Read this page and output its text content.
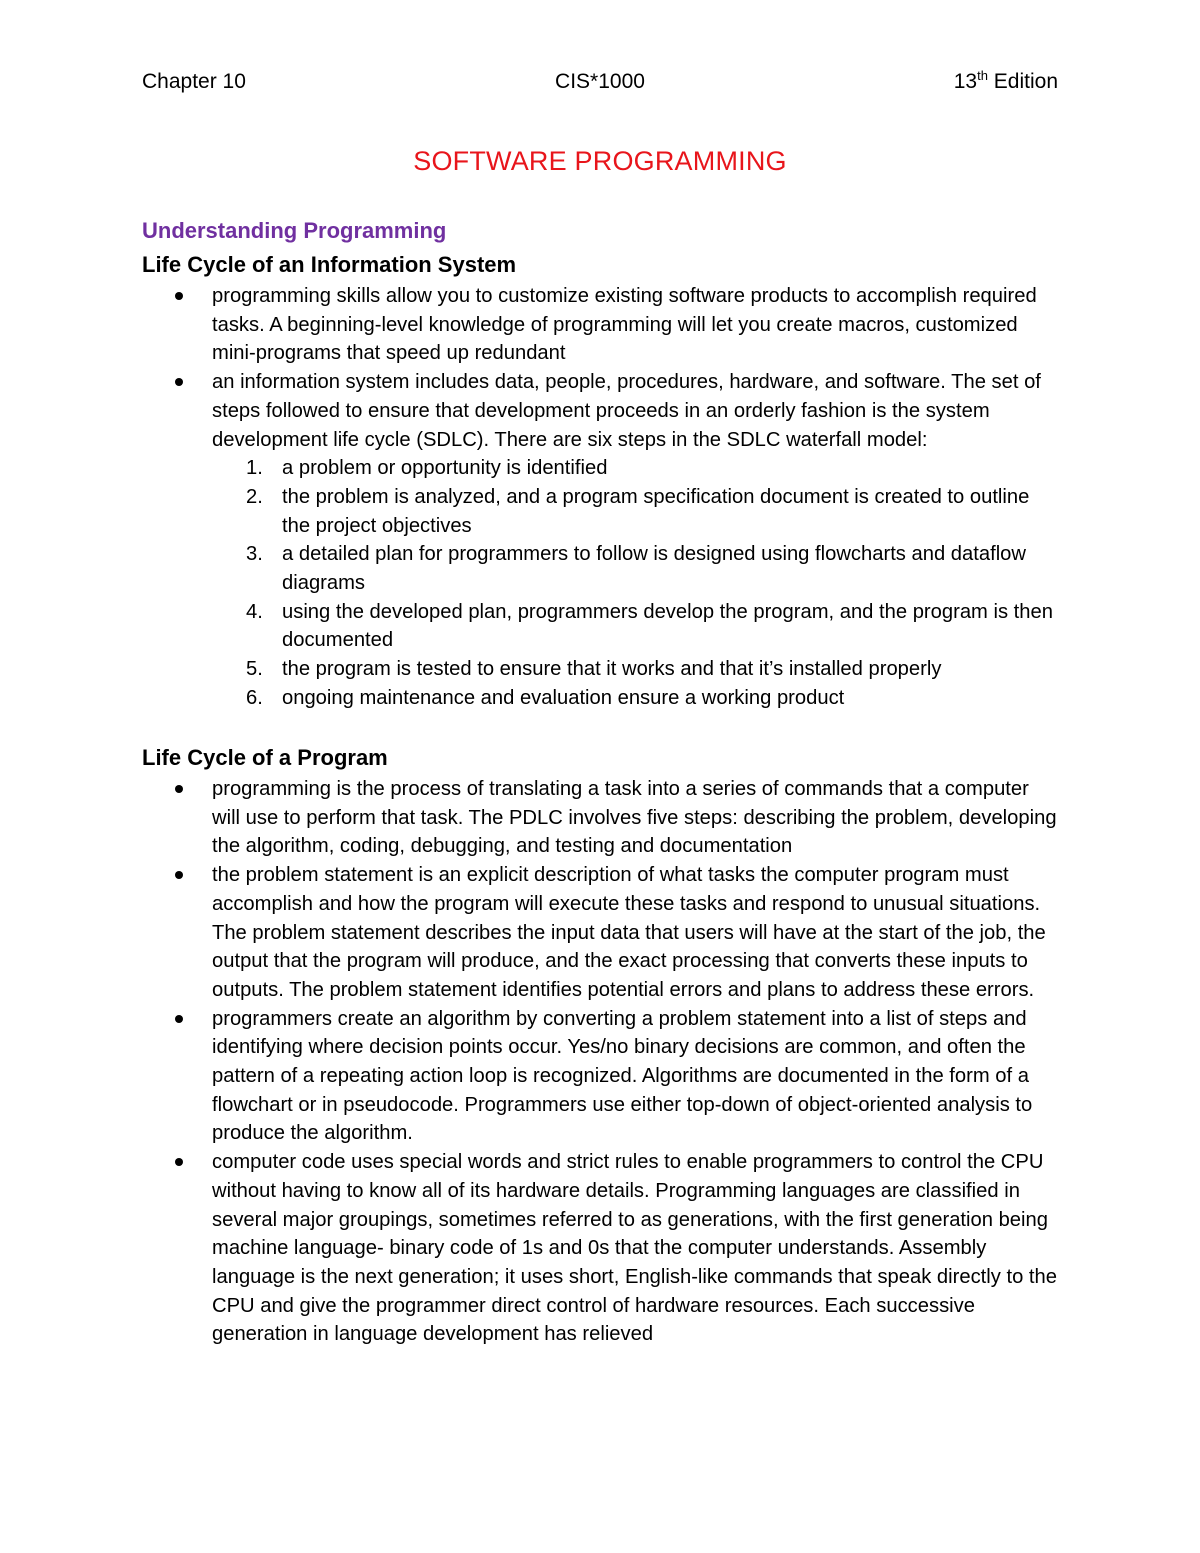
CIS*1000
Chapter 10	13th Edition
SOFTWARE PROGRAMMING
Understanding Programming
Life Cycle of an Information System
programming skills allow you to customize existing software products to accomplish required tasks. A beginning-level knowledge of programming will let you create macros, customized mini-programs that speed up redundant
an information system includes data, people, procedures, hardware, and software. The set of steps followed to ensure that development proceeds in an orderly fashion is the system development life cycle (SDLC). There are six steps in the SDLC waterfall model:
1. a problem or opportunity is identified
2. the problem is analyzed, and a program specification document is created to outline the project objectives
3. a detailed plan for programmers to follow is designed using flowcharts and dataflow diagrams
4. using the developed plan, programmers develop the program, and the program is then documented
5. the program is tested to ensure that it works and that it’s installed properly
6. ongoing maintenance and evaluation ensure a working product
Life Cycle of a Program
programming is the process of translating a task into a series of commands that a computer will use to perform that task. The PDLC involves five steps: describing the problem, developing the algorithm, coding, debugging, and testing and documentation
the problem statement is an explicit description of what tasks the computer program must accomplish and how the program will execute these tasks and respond to unusual situations. The problem statement describes the input data that users will have at the start of the job, the output that the program will produce, and the exact processing that converts these inputs to outputs. The problem statement identifies potential errors and plans to address these errors.
programmers create an algorithm by converting a problem statement into a list of steps and identifying where decision points occur. Yes/no binary decisions are common, and often the pattern of a repeating action loop is recognized. Algorithms are documented in the form of a flowchart or in pseudocode. Programmers use either top-down of object-oriented analysis to produce the algorithm.
computer code uses special words and strict rules to enable programmers to control the CPU without having to know all of its hardware details. Programming languages are classified in several major groupings, sometimes referred to as generations, with the first generation being machine language- binary code of 1s and 0s that the computer understands. Assembly language is the next generation; it uses short, English-like commands that speak directly to the CPU and give the programmer direct control of hardware resources. Each successive generation in language development has relieved
